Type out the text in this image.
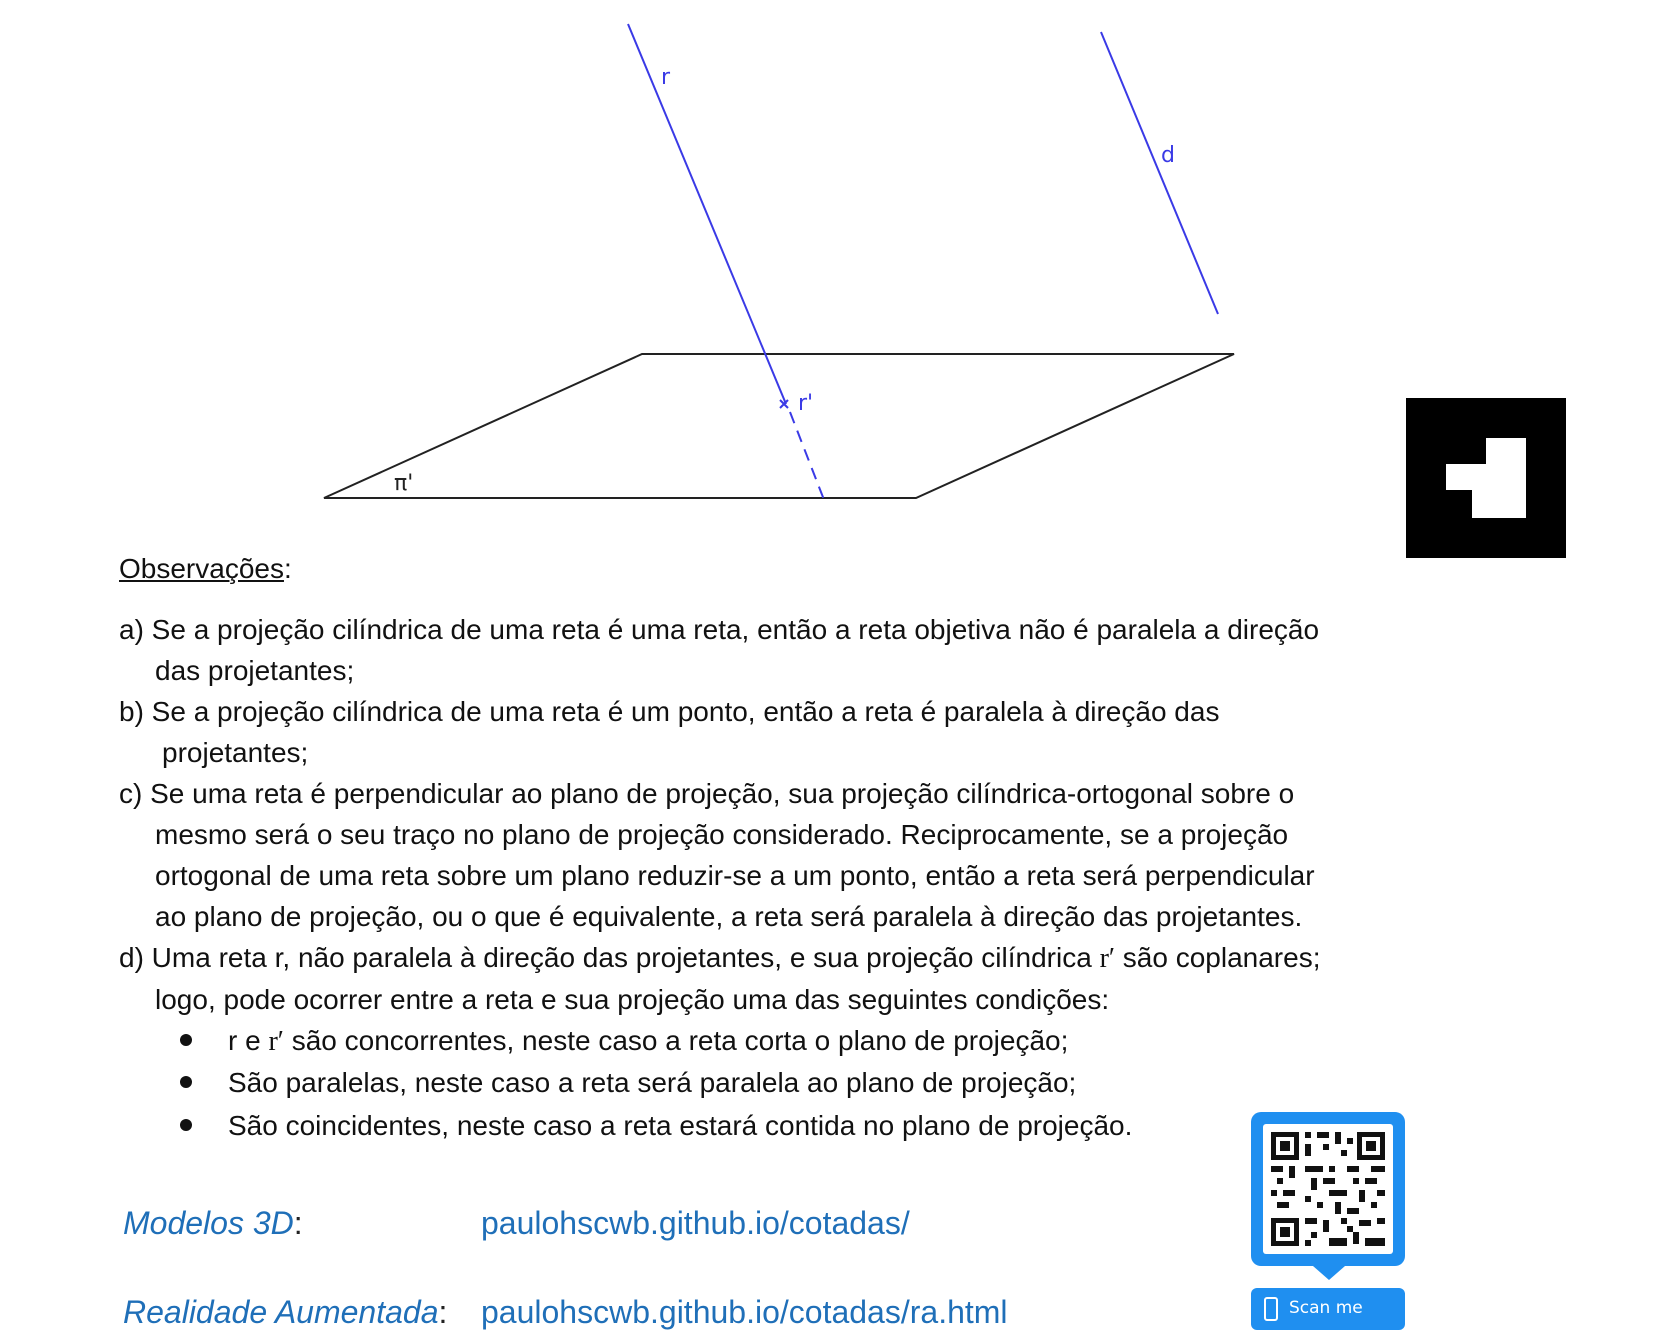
r
d
r'
π'
Observações:

a) Se a projeção cilíndrica de uma reta é uma reta, então a reta objetiva não é paralela a direção
das projetantes;

b) Se a projeção cilíndrica de uma reta é um ponto, então a reta é paralela à direção das
projetantes;

c) Se uma reta é perpendicular ao plano de projeção, sua projeção cilíndrica-ortogonal sobre o
mesmo será o seu traço no plano de projeção considerado. Reciprocamente, se a projeção
ortogonal de uma reta sobre um plano reduzir-se a um ponto, então a reta será perpendicular
ao plano de projeção, ou o que é equivalente, a reta será paralela à direção das projetantes.

d) Uma reta r, não paralela à direção das projetantes, e sua projeção cilíndrica r′ são coplanares;
logo, pode ocorrer entre a reta e sua projeção uma das seguintes condições:

r e r′ são concorrentes, neste caso a reta corta o plano de projeção;
São paralelas, neste caso a reta será paralela ao plano de projeção;
São coincidentes, neste caso a reta estará contida no plano de projeção.
Modelos 3D:	paulohscwb.github.io/cotadas/
Realidade Aumentada: paulohscwb.github.io/cotadas/ra.html	Scan me
